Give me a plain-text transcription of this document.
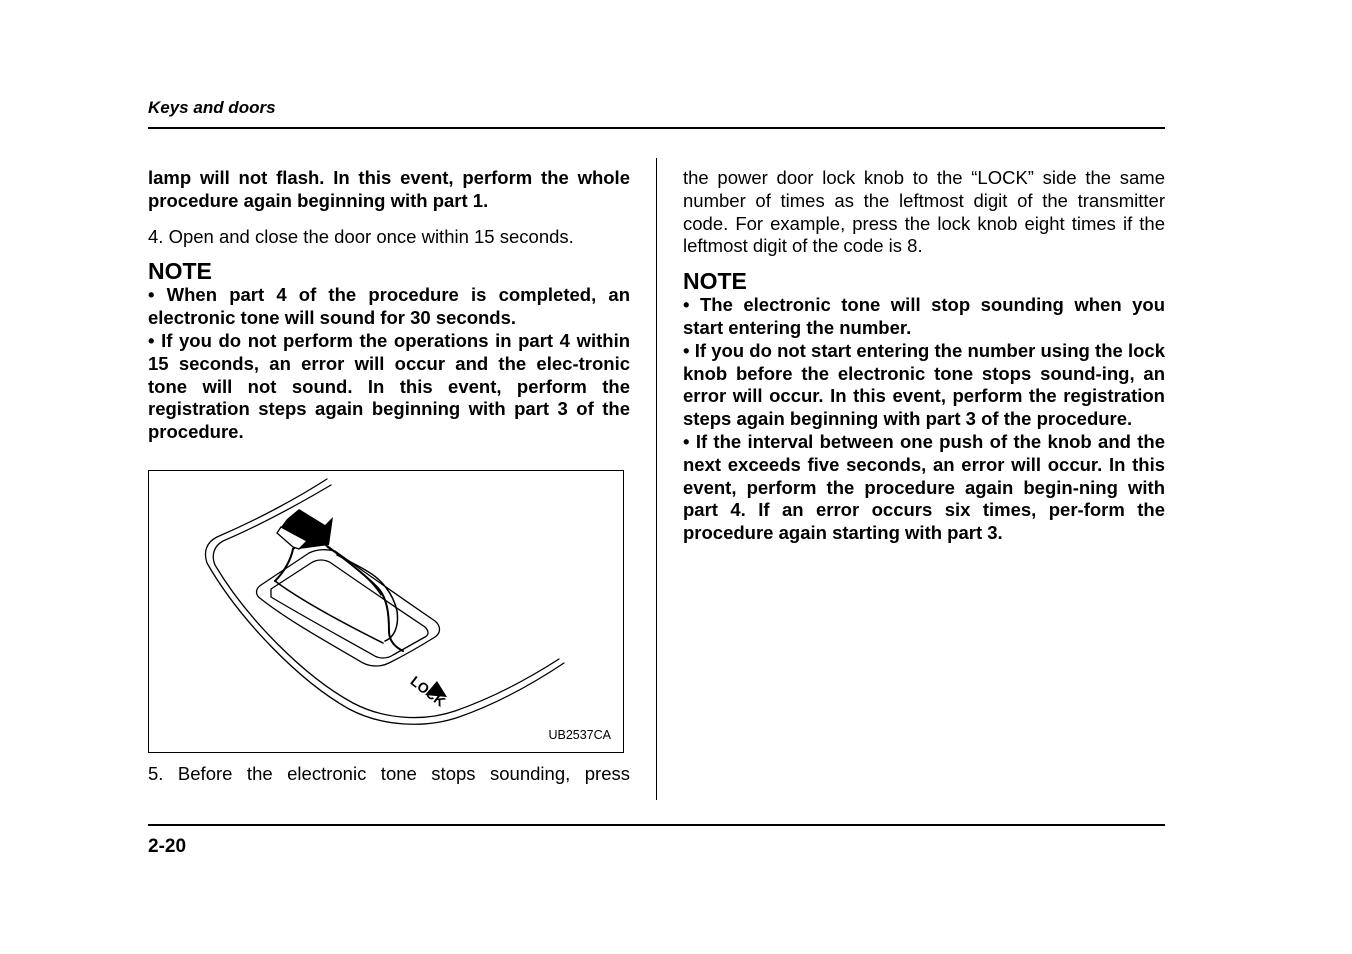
Keys and doors

lamp will not flash. In this event, perform the whole procedure again beginning with part 1.

4. Open and close the door once within 15 seconds.

NOTE

• When part 4 of the procedure is completed, an electronic tone will sound for 30 seconds.

• If you do not perform the operations in part 4 within 15 seconds, an error will occur and the elec-tronic tone will not sound. In this event, perform the registration steps again beginning with part 3 of the procedure.

LOCK
UB2537CA
5. Before the electronic tone stops sounding, press

the power door lock knob to the “LOCK” side the same number of times as the leftmost digit of the transmitter code. For example, press the lock knob eight times if the leftmost digit of the code is 8.

NOTE

• The electronic tone will stop sounding when you start entering the number.

• If you do not start entering the number using the lock knob before the electronic tone stops sound-ing, an error will occur. In this event, perform the registration steps again beginning with part 3 of the procedure.

• If the interval between one push of the knob and the next exceeds five seconds, an error will occur. In this event, perform the procedure again begin-ning with part 4. If an error occurs six times, per-form the procedure again starting with part 3.

2-20
